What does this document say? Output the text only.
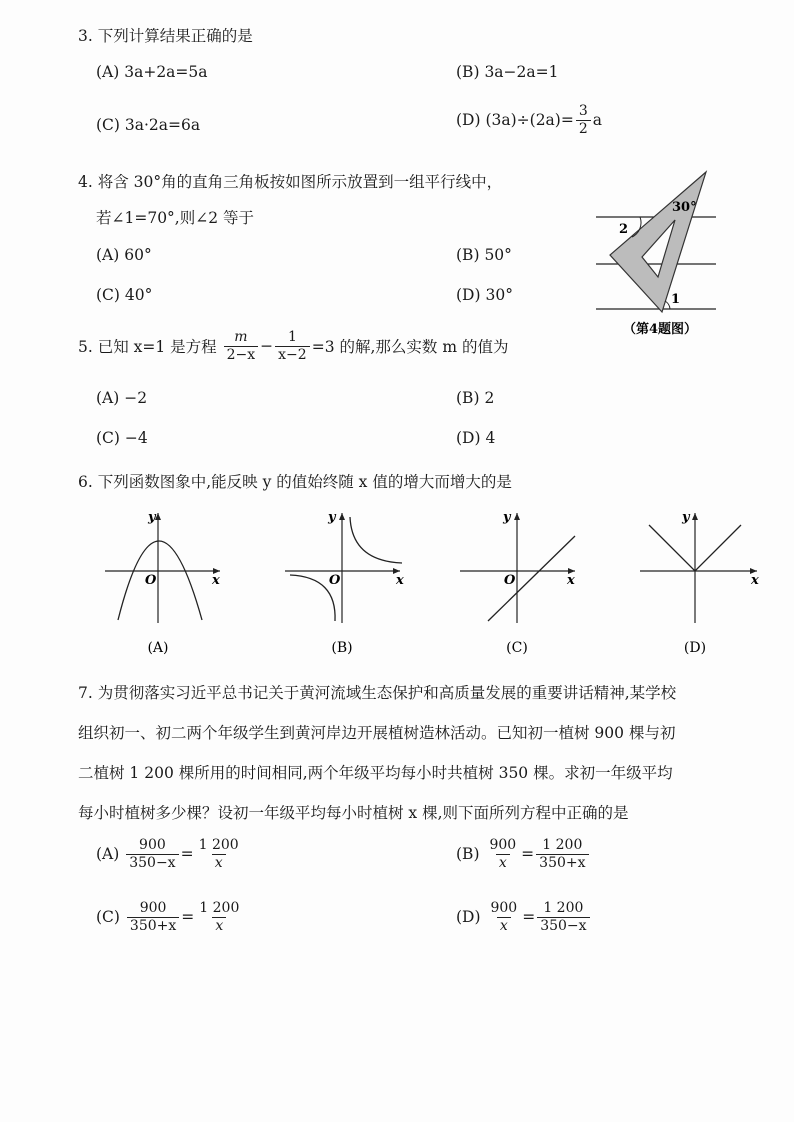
3. 下列计算结果正确的是
(A) 3a+2a=5a	(B) 3a−2a=1
(C) 3a·2a=6a	(D)
$(3a)\div(2a)= \frac{3}{2}$ a
4. 将含 30°角的直角三角板按如图所示放置到一组平行线中，
若∠1=70°,则∠2 等于
(A) 60°	(B) 50°
(C) 40°	(D) 30°
30°
2
1
（第4题图）
5. 已知 x=1 是方程
$\frac{m}{2-x} - \frac{1}{x-2} =3$ 的解,那么实数 m 的值为
(A) −2	(B) 2
(C) −4	(D) 4
6. 下列函数图象中,能反映 y 的值始终随 x 值的增大而增大的是
y
x
O
(A)
y
x
O
(B)
y
x
O
(C)
y
x
(D)
7. 为贯彻落实习近平总书记关于黄河流域生态保护和高质量发展的重要讲话精神,某学校
组织初一、初二两个年级学生到黄河岸边开展植树造林活动。已知初一植树 900 棵与初
二植树 1 200 棵所用的时间相同,两个年级平均每小时共植树 350 棵。求初一年级平均
每小时植树多少棵？设初一年级平均每小时植树 x 棵,则下面所列方程中正确的是
(A)
$\frac{900}{350-x} = \frac{1 200}{x}$	(B)
$\frac{900}{x} = \frac{1 200}{350+x}$
(C)
$\frac{900}{350+x} = \frac{1 200}{x}$	(D)
$\frac{900}{x} = \frac{1 200}{350-x}$
